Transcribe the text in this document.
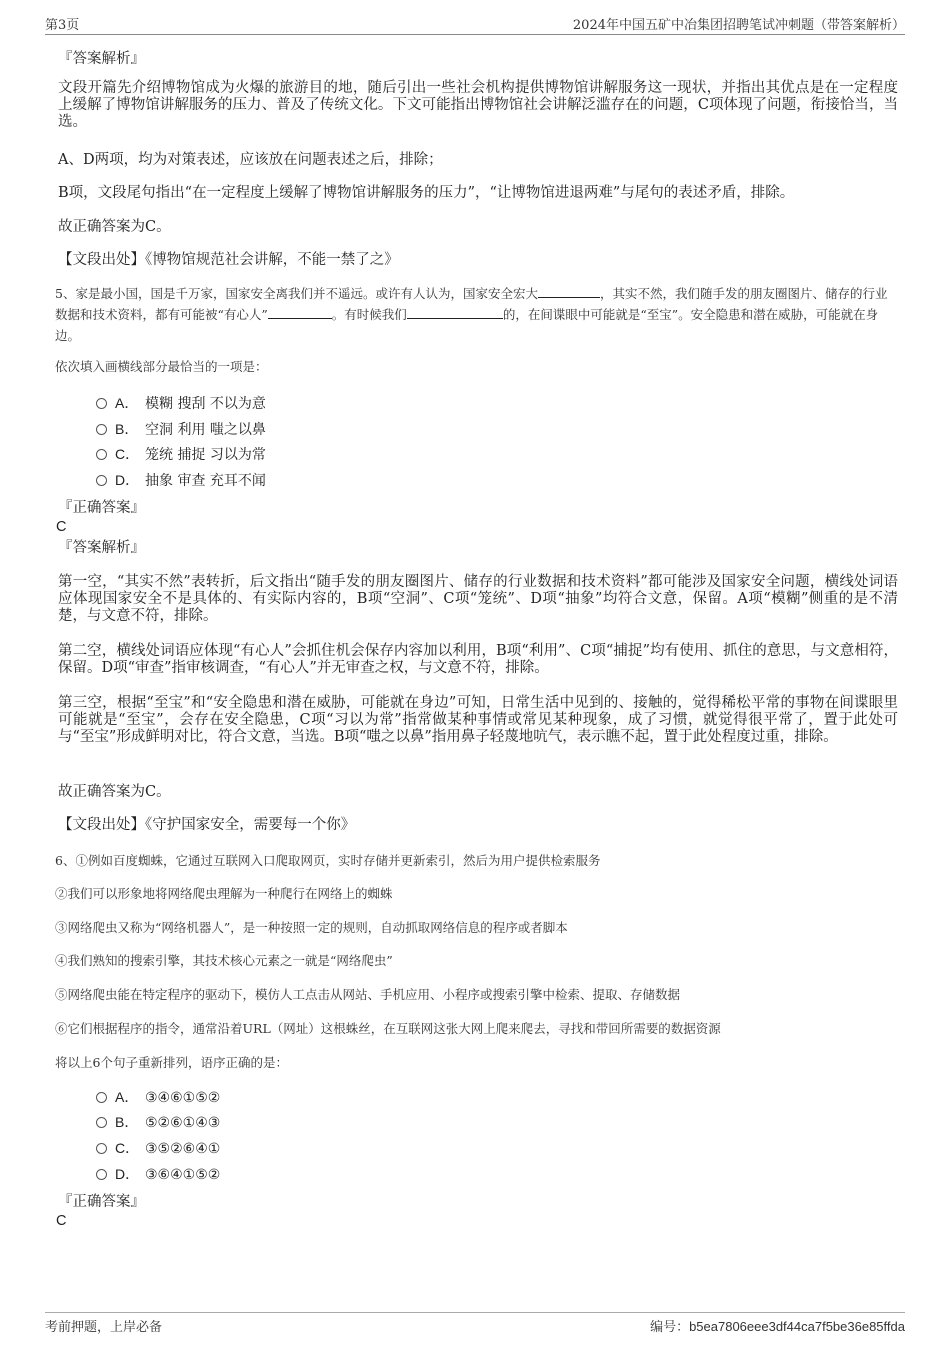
第3页	2024年中国五矿中冶集团招聘笔试冲刺题（带答案解析）
『答案解析』
文段开篇先介绍博物馆成为火爆的旅游目的地，随后引出一些社会机构提供博物馆讲解服务这一现状，并指出其优点是在一定程度上缓解了博物馆讲解服务的压力、普及了传统文化。下文可能指出博物馆社会讲解泛滥存在的问题，C项体现了问题，衔接恰当，当选。
A、D两项，均为对策表述，应该放在问题表述之后，排除；
B项，文段尾句指出“在一定程度上缓解了博物馆讲解服务的压力”，“让博物馆进退两难”与尾句的表述矛盾，排除。
故正确答案为C。
【文段出处】《博物馆规范社会讲解，不能一禁了之》
5、家是最小国，国是千万家，国家安全离我们并不遥远。或许有人认为，国家安全宏大	，其实不然，我们随手发的朋友圈图片、储存的行业数据和技术资料，都有可能被“有心人”	。有时候我们	的，在间谍眼中可能就是“至宝”。安全隐患和潜在威胁，可能就在身边。
依次填入画横线部分最恰当的一项是：
A． 模糊 搜刮 不以为意
B． 空洞 利用 嗤之以鼻
C． 笼统 捕捉 习以为常
D． 抽象 审查 充耳不闻
『正确答案』
C
『答案解析』
第一空，“其实不然”表转折，后文指出“随手发的朋友圈图片、储存的行业数据和技术资料”都可能涉及国家安全问题，横线处词语应体现国家安全不是具体的、有实际内容的，B项“空洞”、C项“笼统”、D项“抽象”均符合文意，保留。A项“模糊”侧重的是不清楚，与文意不符，排除。
第二空，横线处词语应体现“有心人”会抓住机会保存内容加以利用，B项“利用”、C项“捕捉”均有使用、抓住的意思，与文意相符，保留。D项“审查”指审核调查，“有心人”并无审查之权，与文意不符，排除。
第三空，根据“至宝”和“安全隐患和潜在威胁，可能就在身边”可知，日常生活中见到的、接触的，觉得稀松平常的事物在间谍眼里可能就是“至宝”，会存在安全隐患，C项“习以为常”指常做某种事情或常见某种现象，成了习惯，就觉得很平常了，置于此处可与“至宝”形成鲜明对比，符合文意，当选。B项“嗤之以鼻”指用鼻子轻蔑地吭气，表示瞧不起，置于此处程度过重，排除。
故正确答案为C。
【文段出处】《守护国家安全，需要每一个你》
6、①例如百度蜘蛛，它通过互联网入口爬取网页，实时存储并更新索引，然后为用户提供检索服务
②我们可以形象地将网络爬虫理解为一种爬行在网络上的蜘蛛
③网络爬虫又称为“网络机器人”，是一种按照一定的规则，自动抓取网络信息的程序或者脚本
④我们熟知的搜索引擎，其技术核心元素之一就是“网络爬虫”
⑤网络爬虫能在特定程序的驱动下，模仿人工点击从网站、手机应用、小程序或搜索引擎中检索、提取、存储数据
⑥它们根据程序的指令，通常沿着URL（网址）这根蛛丝，在互联网这张大网上爬来爬去，寻找和带回所需要的数据资源
将以上6个句子重新排列，语序正确的是：
A． ③④⑥①⑤②
B． ⑤②⑥①④③
C． ③⑤②⑥④①
D． ③⑥④①⑤②
『正确答案』
C
考前押题，上岸必备	编号：b5ea7806eee3df44ca7f5be36e85ffda
